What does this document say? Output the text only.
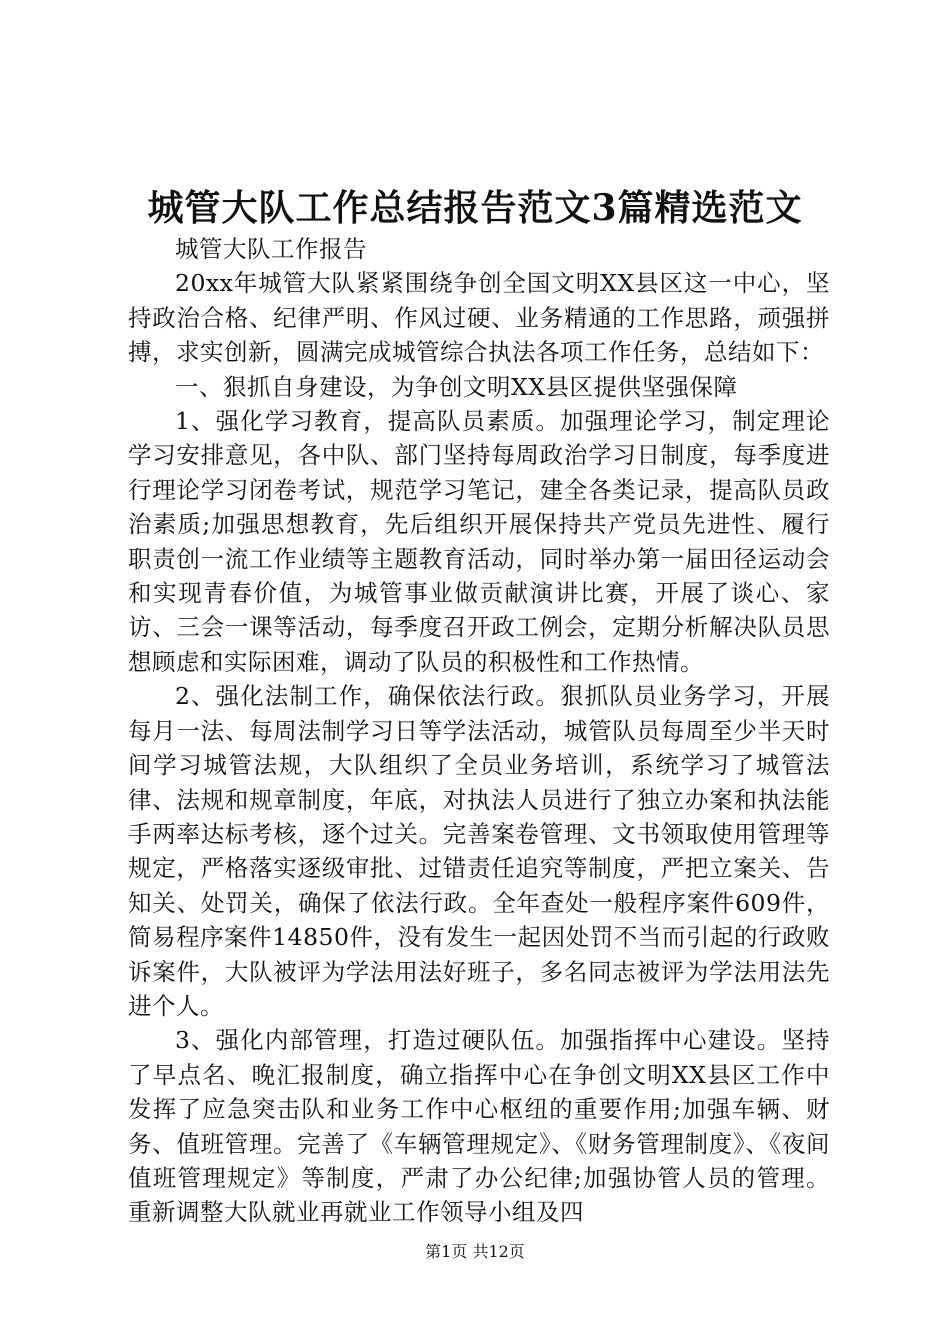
城管大队工作总结报告范文3篇精选范文

城管大队工作报告

20xx年城管大队紧紧围绕争创全国文明XX县区这一中心，坚持政治合格、纪律严明、作风过硬、业务精通的工作思路，顽强拼搏，求实创新，圆满完成城管综合执法各项工作任务，总结如下：

一、狠抓自身建设，为争创文明XX县区提供坚强保障

1、强化学习教育，提高队员素质。加强理论学习，制定理论学习安排意见，各中队、部门坚持每周政治学习日制度，每季度进行理论学习闭卷考试，规范学习笔记，建全各类记录，提高队员政治素质;加强思想教育，先后组织开展保持共产党员先进性、履行职责创一流工作业绩等主题教育活动，同时举办第一届田径运动会和实现青春价值，为城管事业做贡献演讲比赛，开展了谈心、家访、三会一课等活动，每季度召开政工例会，定期分析解决队员思想顾虑和实际困难，调动了队员的积极性和工作热情。

2、强化法制工作，确保依法行政。狠抓队员业务学习，开展每月一法、每周法制学习日等学法活动，城管队员每周至少半天时间学习城管法规，大队组织了全员业务培训，系统学习了城管法律、法规和规章制度，年底，对执法人员进行了独立办案和执法能手两率达标考核，逐个过关。完善案卷管理、文书领取使用管理等规定，严格落实逐级审批、过错责任追究等制度，严把立案关、告知关、处罚关，确保了依法行政。全年查处一般程序案件609件，简易程序案件14850件，没有发生一起因处罚不当而引起的行政败诉案件，大队被评为学法用法好班子，多名同志被评为学法用法先进个人。

3、强化内部管理，打造过硬队伍。加强指挥中心建设。坚持了早点名、晚汇报制度，确立指挥中心在争创文明XX县区工作中发挥了应急突击队和业务工作中心枢纽的重要作用;加强车辆、财务、值班管理。完善了《车辆管理规定》、《财务管理制度》、《夜间值班管理规定》等制度，严肃了办公纪律;加强协管人员的管理。重新调整大队就业再就业工作领导小组及四

第1页 共12页
